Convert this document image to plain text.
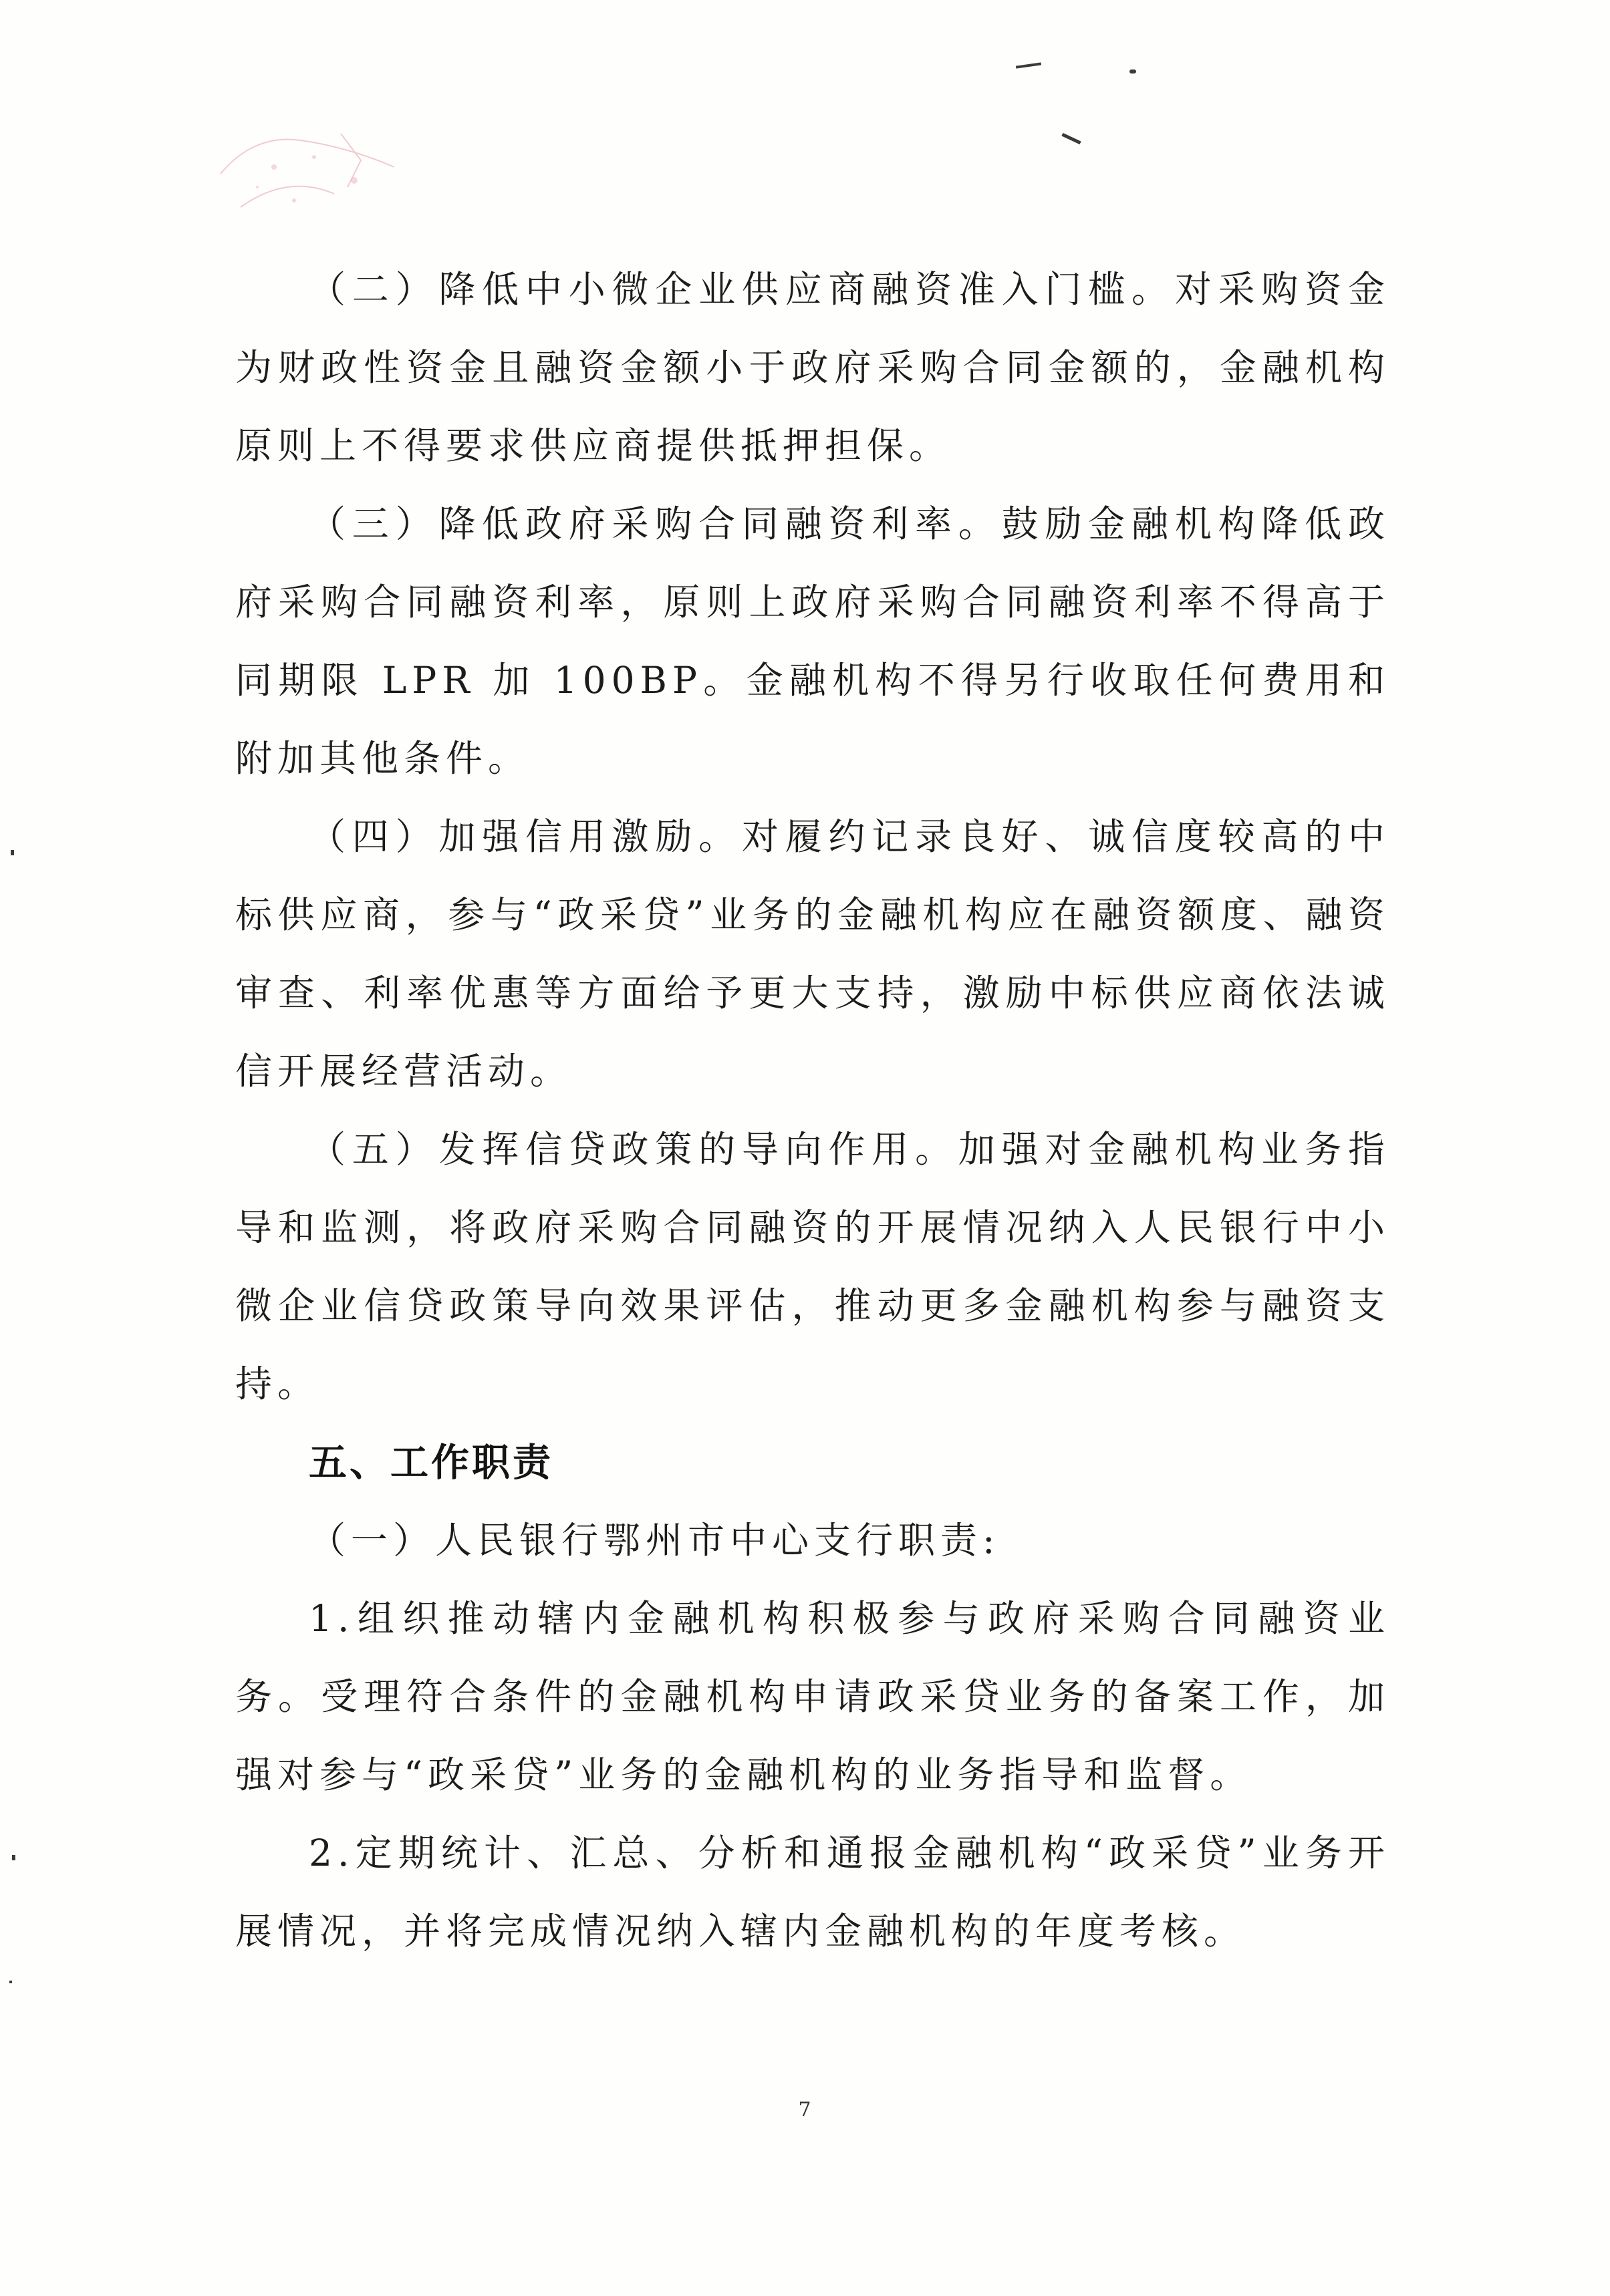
（二）降低中小微企业供应商融资准入门槛。对采购资金为财政性资金且融资金额小于政府采购合同金额的，金融机构原则上不得要求供应商提供抵押担保。

（三）降低政府采购合同融资利率。鼓励金融机构降低政府采购合同融资利率，原则上政府采购合同融资利率不得高于同期限 LPR 加 100BP。金融机构不得另行收取任何费用和附加其他条件。

（四）加强信用激励。对履约记录良好、诚信度较高的中标供应商，参与“政采贷”业务的金融机构应在融资额度、融资审查、利率优惠等方面给予更大支持，激励中标供应商依法诚信开展经营活动。

（五）发挥信贷政策的导向作用。加强对金融机构业务指导和监测，将政府采购合同融资的开展情况纳入人民银行中小微企业信贷政策导向效果评估，推动更多金融机构参与融资支持。

五、工作职责

（一）人民银行鄂州市中心支行职责:

1.组织推动辖内金融机构积极参与政府采购合同融资业务。受理符合条件的金融机构申请政采贷业务的备案工作，加强对参与“政采贷”业务的金融机构的业务指导和监督。

2.定期统计、汇总、分析和通报金融机构“政采贷”业务开展情况，并将完成情况纳入辖内金融机构的年度考核。

7
